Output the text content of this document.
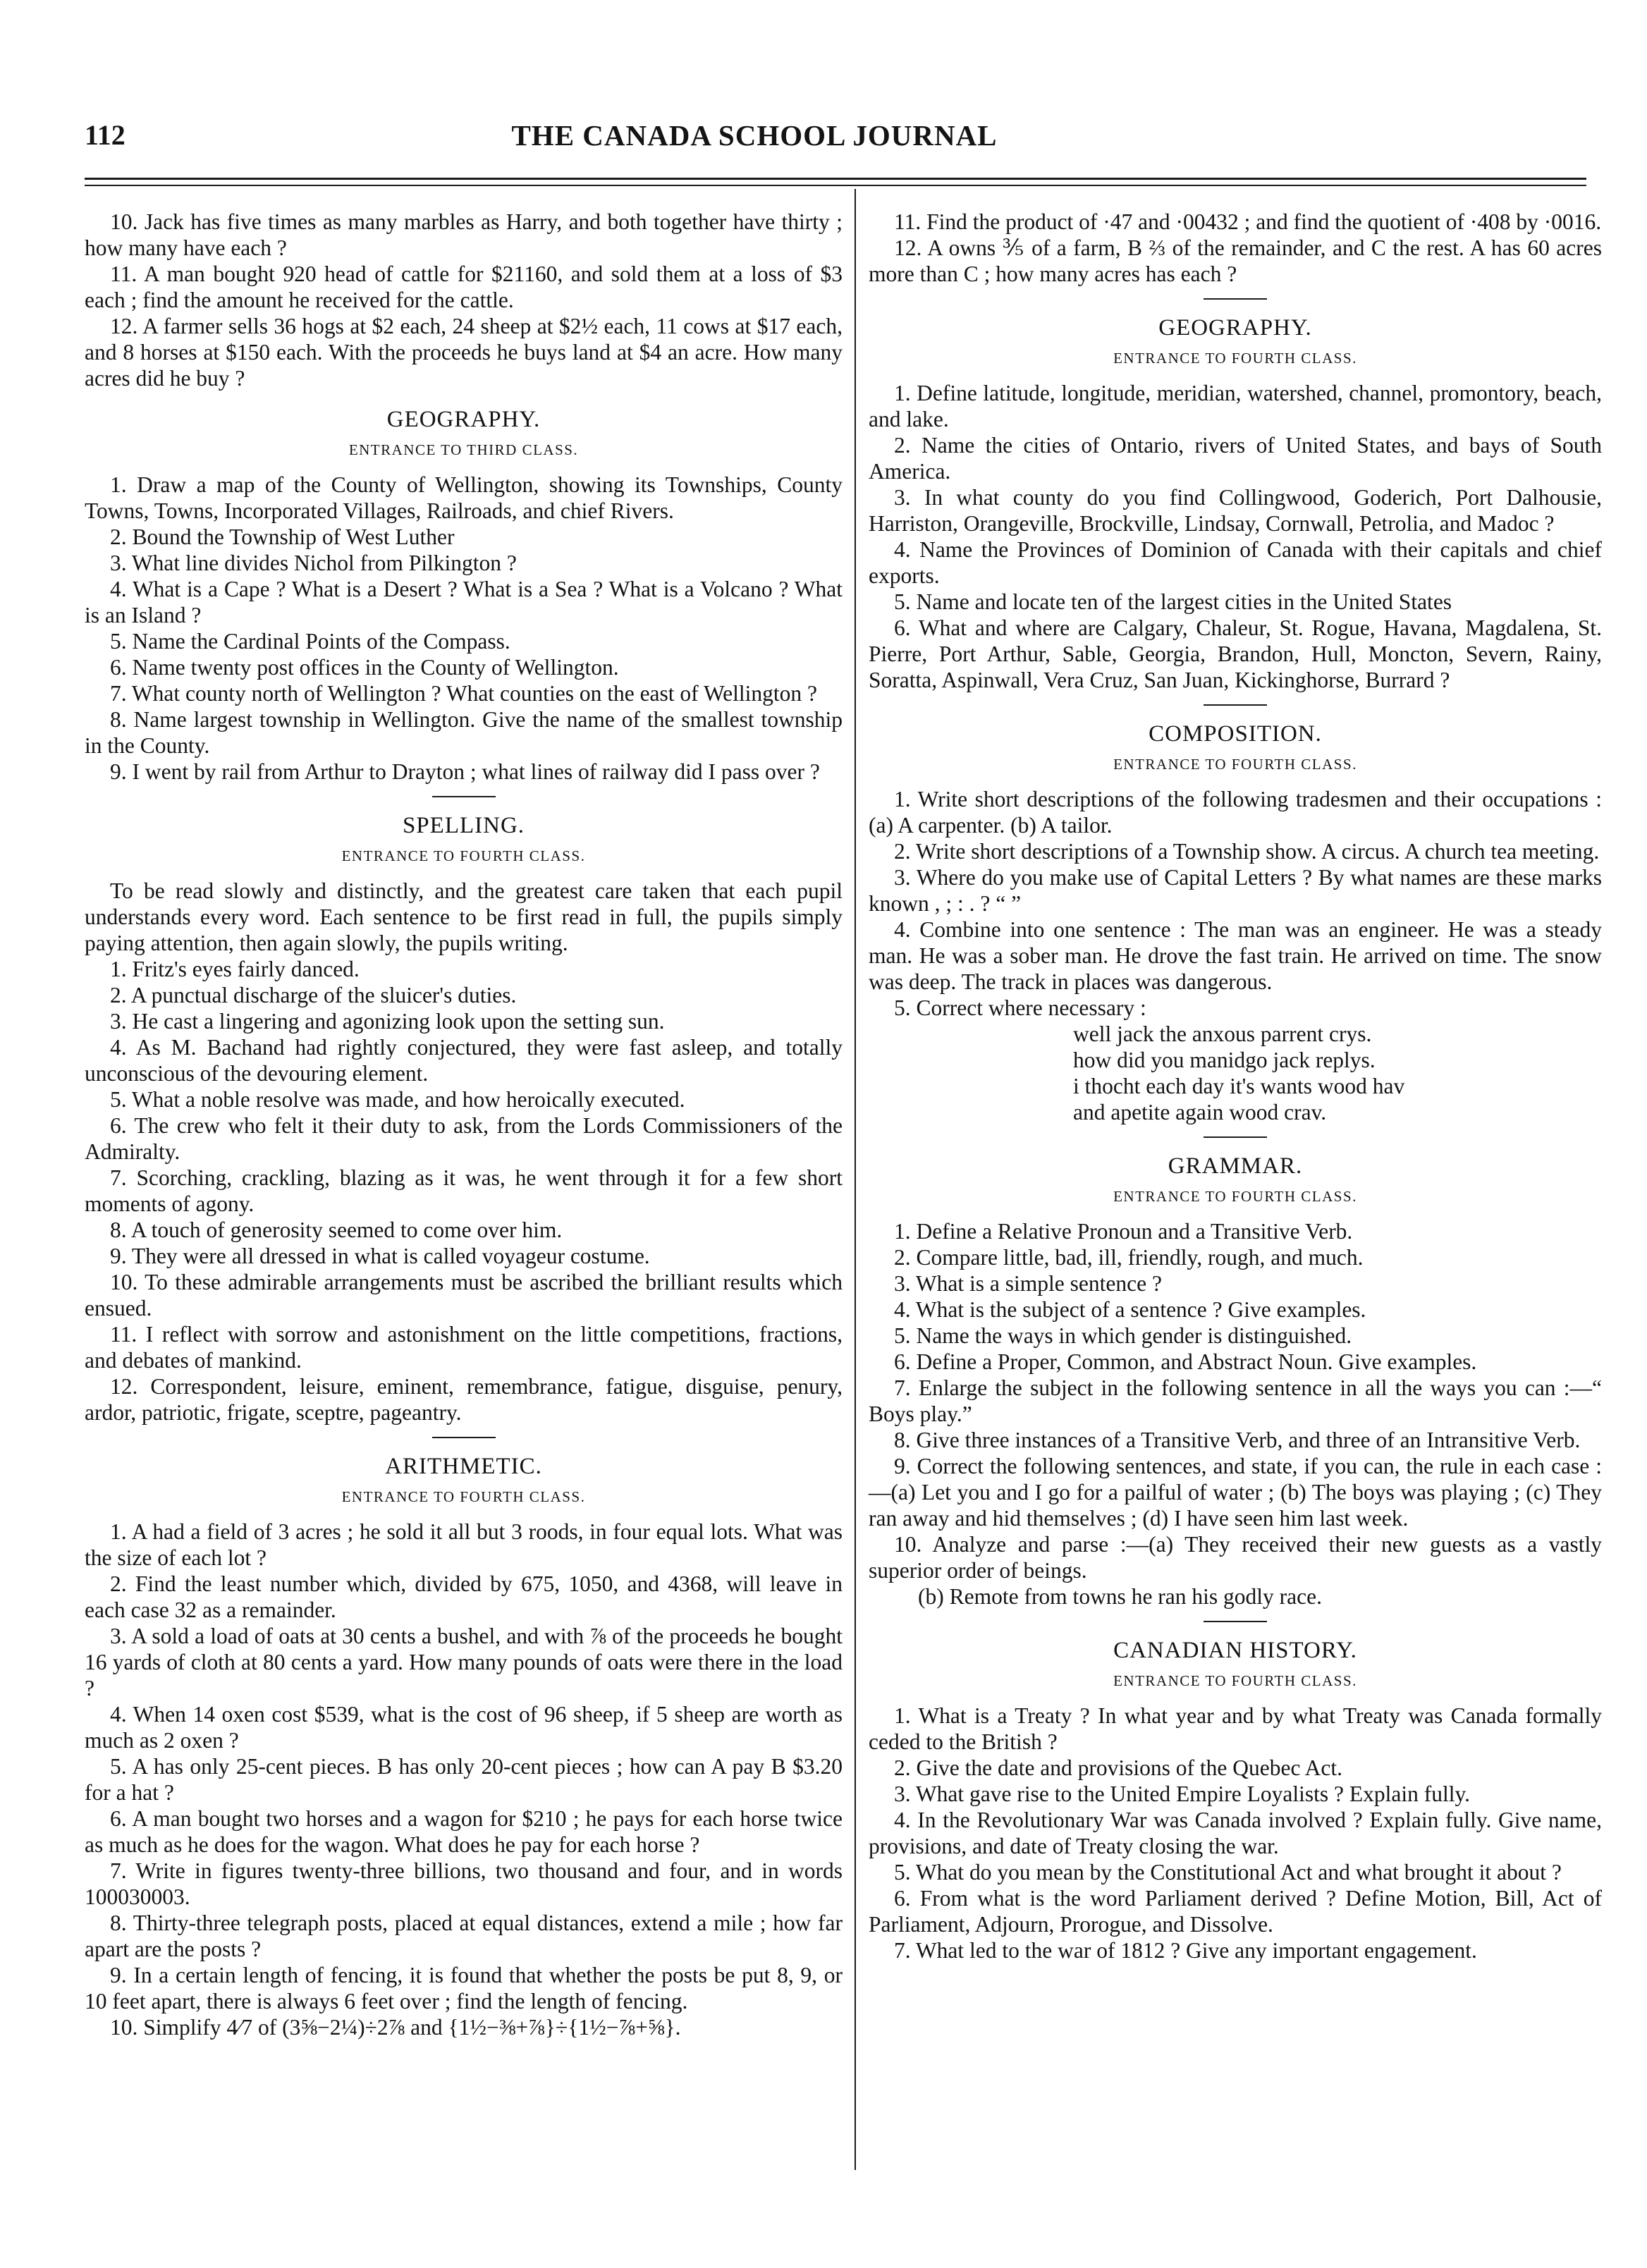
112	THE CANADA SCHOOL JOURNAL

10. Jack has five times as many marbles as Harry, and both together have thirty ; how many have each ?

11. A man bought 920 head of cattle for $21160, and sold them at a loss of $3 each ; find the amount he received for the cattle.

12. A farmer sells 36 hogs at $2 each, 24 sheep at $2½ each, 11 cows at $17 each, and 8 horses at $150 each. With the proceeds he buys land at $4 an acre. How many acres did he buy ?

GEOGRAPHY.
ENTRANCE TO THIRD CLASS.

1. Draw a map of the County of Wellington, showing its Townships, County Towns, Towns, Incorporated Villages, Railroads, and chief Rivers.

2. Bound the Township of West Luther

3. What line divides Nichol from Pilkington ?

4. What is a Cape ? What is a Desert ? What is a Sea ? What is a Volcano ? What is an Island ?

5. Name the Cardinal Points of the Compass.

6. Name twenty post offices in the County of Wellington.

7. What county north of Wellington ? What counties on the east of Wellington ?

8. Name largest township in Wellington. Give the name of the smallest township in the County.

9. I went by rail from Arthur to Drayton ; what lines of railway did I pass over ?

SPELLING.
ENTRANCE TO FOURTH CLASS.

To be read slowly and distinctly, and the greatest care taken that each pupil understands every word. Each sentence to be first read in full, the pupils simply paying attention, then again slowly, the pupils writing.

1. Fritz's eyes fairly danced.

2. A punctual discharge of the sluicer's duties.

3. He cast a lingering and agonizing look upon the setting sun.

4. As M. Bachand had rightly conjectured, they were fast asleep, and totally unconscious of the devouring element.

5. What a noble resolve was made, and how heroically executed.

6. The crew who felt it their duty to ask, from the Lords Commissioners of the Admiralty.

7. Scorching, crackling, blazing as it was, he went through it for a few short moments of agony.

8. A touch of generosity seemed to come over him.

9. They were all dressed in what is called voyageur costume.

10. To these admirable arrangements must be ascribed the brilliant results which ensued.

11. I reflect with sorrow and astonishment on the little competitions, fractions, and debates of mankind.

12. Correspondent, leisure, eminent, remembrance, fatigue, disguise, penury, ardor, patriotic, frigate, sceptre, pageantry.

ARITHMETIC.
ENTRANCE TO FOURTH CLASS.

1. A had a field of 3 acres ; he sold it all but 3 roods, in four equal lots. What was the size of each lot ?

2. Find the least number which, divided by 675, 1050, and 4368, will leave in each case 32 as a remainder.

3. A sold a load of oats at 30 cents a bushel, and with ⅞ of the proceeds he bought 16 yards of cloth at 80 cents a yard. How many pounds of oats were there in the load ?

4. When 14 oxen cost $539, what is the cost of 96 sheep, if 5 sheep are worth as much as 2 oxen ?

5. A has only 25-cent pieces. B has only 20-cent pieces ; how can A pay B $3.20 for a hat ?

6. A man bought two horses and a wagon for $210 ; he pays for each horse twice as much as he does for the wagon. What does he pay for each horse ?

7. Write in figures twenty-three billions, two thousand and four, and in words 100030003.

8. Thirty-three telegraph posts, placed at equal distances, extend a mile ; how far apart are the posts ?

9. In a certain length of fencing, it is found that whether the posts be put 8, 9, or 10 feet apart, there is always 6 feet over ; find the length of fencing.

10. Simplify 4⁄7 of (3⅝−2¼)÷2⅞ and {1½−⅜+⅞}÷{1½−⅞+⅝}.

11. Find the product of ·47 and ·00432 ; and find the quotient of ·408 by ·0016.

12. A owns ⅗ of a farm, B ⅔ of the remainder, and C the rest. A has 60 acres more than C ; how many acres has each ?

GEOGRAPHY.
ENTRANCE TO FOURTH CLASS.

1. Define latitude, longitude, meridian, watershed, channel, promontory, beach, and lake.

2. Name the cities of Ontario, rivers of United States, and bays of South America.

3. In what county do you find Collingwood, Goderich, Port Dalhousie, Harriston, Orangeville, Brockville, Lindsay, Cornwall, Petrolia, and Madoc ?

4. Name the Provinces of Dominion of Canada with their capitals and chief exports.

5. Name and locate ten of the largest cities in the United States

6. What and where are Calgary, Chaleur, St. Rogue, Havana, Magdalena, St. Pierre, Port Arthur, Sable, Georgia, Brandon, Hull, Moncton, Severn, Rainy, Soratta, Aspinwall, Vera Cruz, San Juan, Kickinghorse, Burrard ?

COMPOSITION.
ENTRANCE TO FOURTH CLASS.

1. Write short descriptions of the following tradesmen and their occupations : (a) A carpenter. (b) A tailor.

2. Write short descriptions of a Township show. A circus. A church tea meeting.

3. Where do you make use of Capital Letters ? By what names are these marks known , ; : . ? “ ”

4. Combine into one sentence : The man was an engineer. He was a steady man. He was a sober man. He drove the fast train. He arrived on time. The snow was deep. The track in places was dangerous.

5. Correct where necessary :

well jack the anxous parrent crys.
how did you manidgo jack replys.
i thocht each day it's wants wood hav
and apetite again wood crav.
GRAMMAR.
ENTRANCE TO FOURTH CLASS.

1. Define a Relative Pronoun and a Transitive Verb.

2. Compare little, bad, ill, friendly, rough, and much.

3. What is a simple sentence ?

4. What is the subject of a sentence ? Give examples.

5. Name the ways in which gender is distinguished.

6. Define a Proper, Common, and Abstract Noun. Give examples.

7. Enlarge the subject in the following sentence in all the ways you can :—“ Boys play.”

8. Give three instances of a Transitive Verb, and three of an Intransitive Verb.

9. Correct the following sentences, and state, if you can, the rule in each case :—(a) Let you and I go for a pailful of water ; (b) The boys was playing ; (c) They ran away and hid themselves ; (d) I have seen him last week.

10. Analyze and parse :—(a) They received their new guests as a vastly superior order of beings.

(b) Remote from towns he ran his godly race.

CANADIAN HISTORY.
ENTRANCE TO FOURTH CLASS.

1. What is a Treaty ? In what year and by what Treaty was Canada formally ceded to the British ?

2. Give the date and provisions of the Quebec Act.

3. What gave rise to the United Empire Loyalists ? Explain fully.

4. In the Revolutionary War was Canada involved ? Explain fully. Give name, provisions, and date of Treaty closing the war.

5. What do you mean by the Constitutional Act and what brought it about ?

6. From what is the word Parliament derived ? Define Motion, Bill, Act of Parliament, Adjourn, Prorogue, and Dissolve.

7. What led to the war of 1812 ? Give any important engagement.
